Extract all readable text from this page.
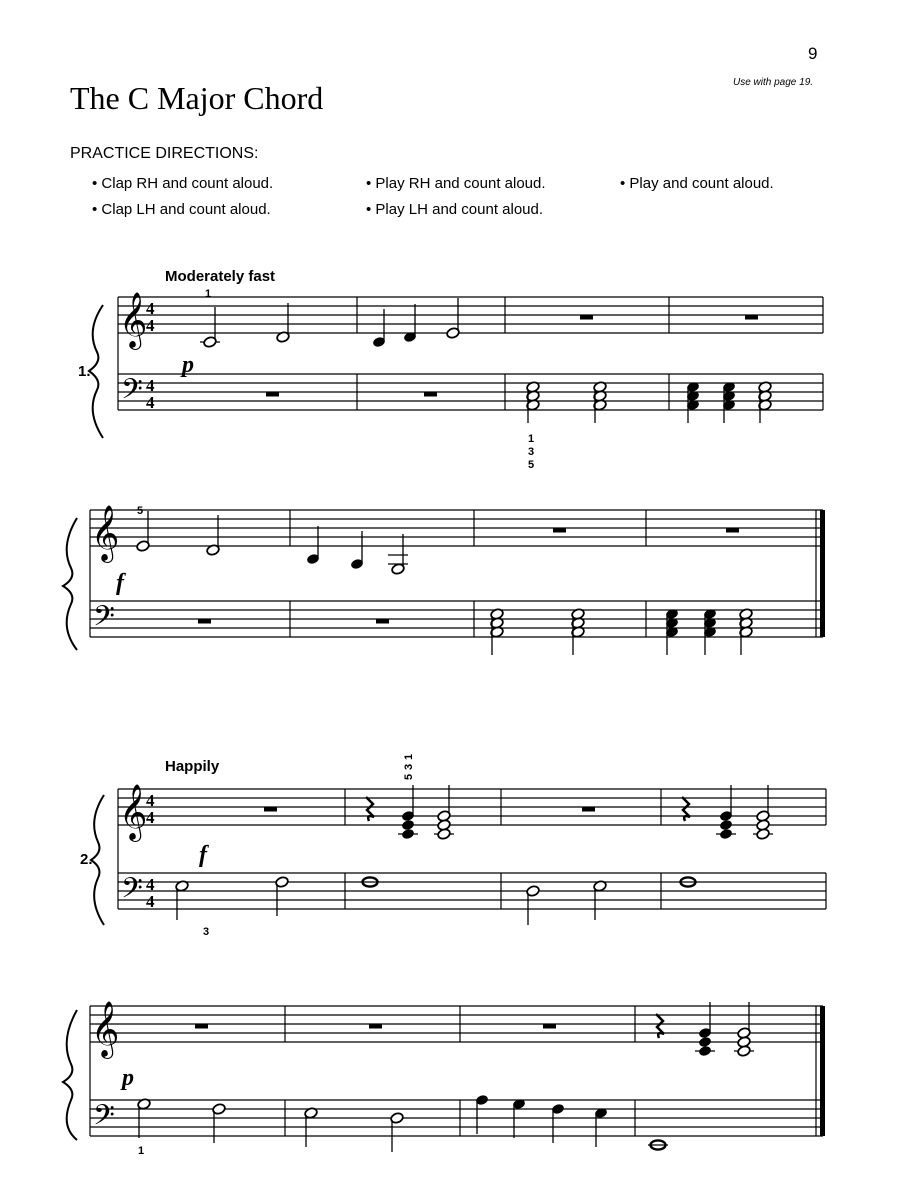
9
Use with page 19.
The C Major Chord
PRACTICE DIRECTIONS:
• Clap RH and count aloud.
• Clap LH and count aloud.
• Play RH and count aloud.
• Play LH and count aloud.
• Play and count aloud.
Moderately fast
1.
𝄞
𝄢
4
4
4
4
1
p
1
3
5
𝄞
𝄢
5
f
Happily
2.
𝄞
𝄢
4
4
4
4
f
3
5
3
1
𝄞
𝄢
p
1
